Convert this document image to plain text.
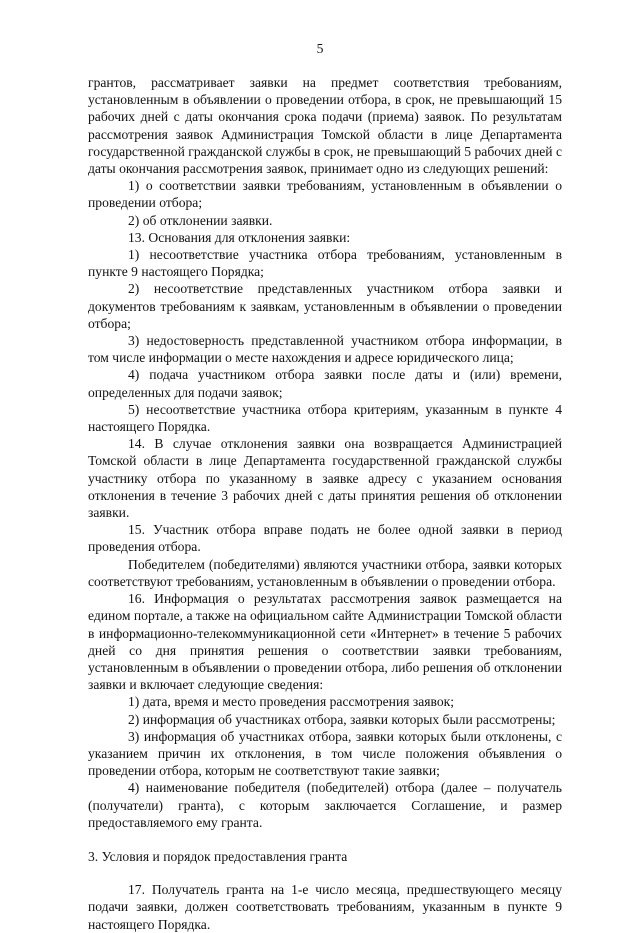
5

грантов, рассматривает заявки на предмет соответствия требованиям, установленным в объявлении о проведении отбора, в срок, не превышающий 15 рабочих дней с даты окончания срока подачи (приема) заявок. По результатам рассмотрения заявок Администрация Томской области в лице Департамента государственной гражданской службы в срок, не превышающий 5 рабочих дней с даты окончания рассмотрения заявок, принимает одно из следующих решений:

1) о соответствии заявки требованиям, установленным в объявлении о проведении отбора;

2) об отклонении заявки.

13. Основания для отклонения заявки:

1) несоответствие участника отбора требованиям, установленным в пункте 9 настоящего Порядка;

2) несоответствие представленных участником отбора заявки и документов требованиям к заявкам, установленным в объявлении о проведении отбора;

3) недостоверность представленной участником отбора информации, в том числе информации о месте нахождения и адресе юридического лица;

4) подача участником отбора заявки после даты и (или) времени, определенных для подачи заявок;

5) несоответствие участника отбора критериям, указанным в пункте 4 настоящего Порядка.

14. В случае отклонения заявки она возвращается Администрацией Томской области в лице Департамента государственной гражданской службы участнику отбора по указанному в заявке адресу с указанием основания отклонения в течение 3 рабочих дней с даты принятия решения об отклонении заявки.

15. Участник отбора вправе подать не более одной заявки в период проведения отбора.

Победителем (победителями) являются участники отбора, заявки которых соответствуют требованиям, установленным в объявлении о проведении отбора.

16. Информация о результатах рассмотрения заявок размещается на едином портале, а также на официальном сайте Администрации Томской области в информационно-телекоммуникационной сети «Интернет» в течение 5 рабочих дней со дня принятия решения о соответствии заявки требованиям, установленным в объявлении о проведении отбора, либо решения об отклонении заявки и включает следующие сведения:

1) дата, время и место проведения рассмотрения заявок;

2) информация об участниках отбора, заявки которых были рассмотрены;

3) информация об участниках отбора, заявки которых были отклонены, с указанием причин их отклонения, в том числе положения объявления о проведении отбора, которым не соответствуют такие заявки;

4) наименование победителя (победителей) отбора (далее – получатель (получатели) гранта), с которым заключается Соглашение, и размер предоставляемого ему гранта.

3. Условия и порядок предоставления гранта

17. Получатель гранта на 1-е число месяца, предшествующего месяцу подачи заявки, должен соответствовать требованиям, указанным в пункте 9 настоящего Порядка.
